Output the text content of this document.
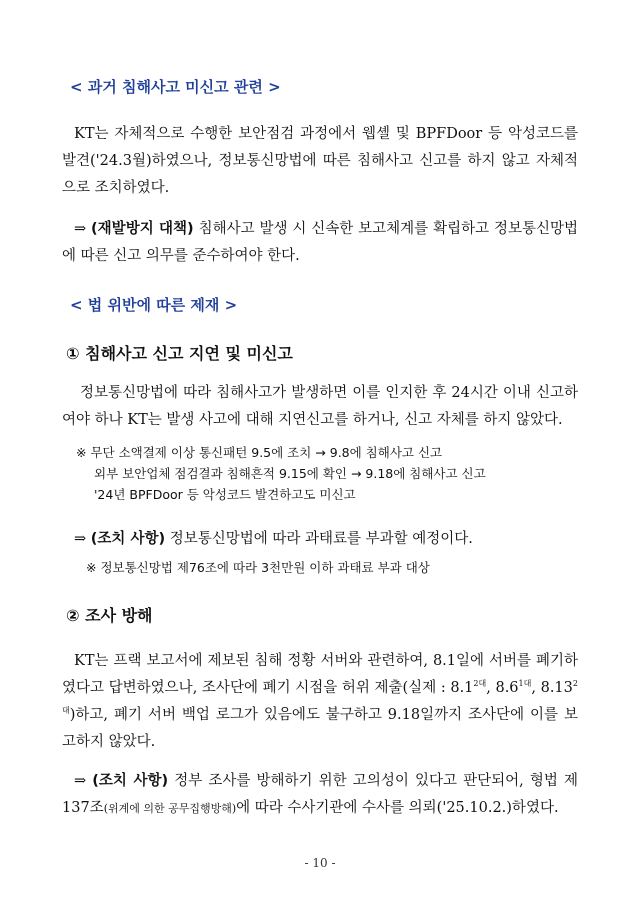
< 과거 침해사고 미신고 관련 >

KT는 자체적으로 수행한 보안점검 과정에서 웹셸 및 BPFDoor 등 악성코드를 발견('24.3월)하였으나, 정보통신망법에 따른 침해사고 신고를 하지 않고 자체적으로 조치하였다.

⇒ (재발방지 대책) 침해사고 발생 시 신속한 보고체계를 확립하고 정보통신망법에 따른 신고 의무를 준수하여야 한다.

< 법 위반에 따른 제재 >
① 침해사고 신고 지연 및 미신고

정보통신망법에 따라 침해사고가 발생하면 이를 인지한 후 24시간 이내 신고하여야 하나 KT는 발생 사고에 대해 지연신고를 하거나, 신고 자체를 하지 않았다.

※ 무단 소액결제 이상 통신패턴 9.5에 조치 → 9.8에 침해사고 신고
외부 보안업체 점검결과 침해흔적 9.15에 확인 → 9.18에 침해사고 신고
'24년 BPFDoor 등 악성코드 발견하고도 미신고

⇒ (조치 사항) 정보통신망법에 따라 과태료를 부과할 예정이다.

※ 정보통신망법 제76조에 따라 3천만원 이하 과태료 부과 대상
② 조사 방해

KT는 프랙 보고서에 제보된 침해 정황 서버와 관련하여, 8.1일에 서버를 폐기하였다고 답변하였으나, 조사단에 폐기 시점을 허위 제출(실제 : $8.1^{2대}$, $8.6^{1대}$, $8.13^{2대}$)하고, 폐기 서버 백업 로그가 있음에도 불구하고 9.18일까지 조사단에 이를 보고하지 않았다.

⇒ (조치 사항) 정부 조사를 방해하기 위한 고의성이 있다고 판단되어, 형법 제137조(위계에 의한 공무집행방해)에 따라 수사기관에 수사를 의뢰('25.10.2.)하였다.

- 10 -
